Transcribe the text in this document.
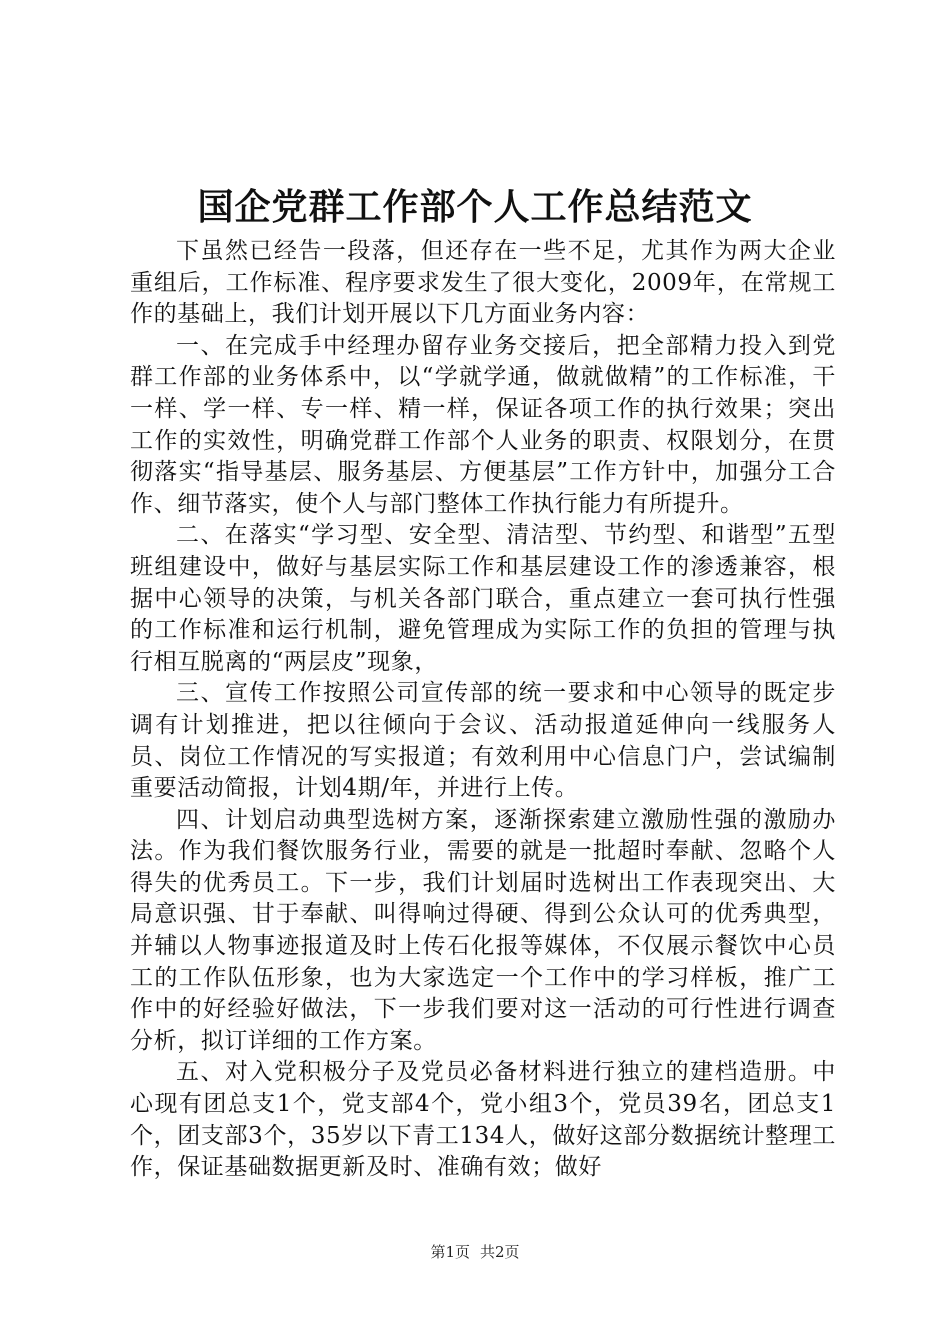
国企党群工作部个人工作总结范文

下虽然已经告一段落，但还存在一些不足，尤其作为两大企业重组后，工作标准、程序要求发生了很大变化，2009年，在常规工作的基础上，我们计划开展以下几方面业务内容：

一、在完成手中经理办留存业务交接后，把全部精力投入到党群工作部的业务体系中，以“学就学通，做就做精”的工作标准，干一样、学一样、专一样、精一样，保证各项工作的执行效果；突出工作的实效性，明确党群工作部个人业务的职责、权限划分，在贯彻落实“指导基层、服务基层、方便基层”工作方针中，加强分工合作、细节落实，使个人与部门整体工作执行能力有所提升。

二、在落实“学习型、安全型、清洁型、节约型、和谐型”五型班组建设中，做好与基层实际工作和基层建设工作的渗透兼容，根据中心领导的决策，与机关各部门联合，重点建立一套可执行性强的工作标准和运行机制，避免管理成为实际工作的负担的管理与执行相互脱离的“两层皮”现象，

三、宣传工作按照公司宣传部的统一要求和中心领导的既定步调有计划推进，把以往倾向于会议、活动报道延伸向一线服务人员、岗位工作情况的写实报道；有效利用中心信息门户，尝试编制重要活动简报，计划4期/年，并进行上传。

四、计划启动典型选树方案，逐渐探索建立激励性强的激励办法。作为我们餐饮服务行业，需要的就是一批超时奉献、忽略个人得失的优秀员工。下一步，我们计划届时选树出工作表现突出、大局意识强、甘于奉献、叫得响过得硬、得到公众认可的优秀典型，并辅以人物事迹报道及时上传石化报等媒体，不仅展示餐饮中心员工的工作队伍形象，也为大家选定一个工作中的学习样板，推广工作中的好经验好做法，下一步我们要对这一活动的可行性进行调查分析，拟订详细的工作方案。

五、对入党积极分子及党员必备材料进行独立的建档造册。中心现有团总支1个，党支部4个，党小组3个，党员39名，团总支1个，团支部3个，35岁以下青工134人，做好这部分数据统计整理工作，保证基础数据更新及时、准确有效；做好

第1页 共2页
